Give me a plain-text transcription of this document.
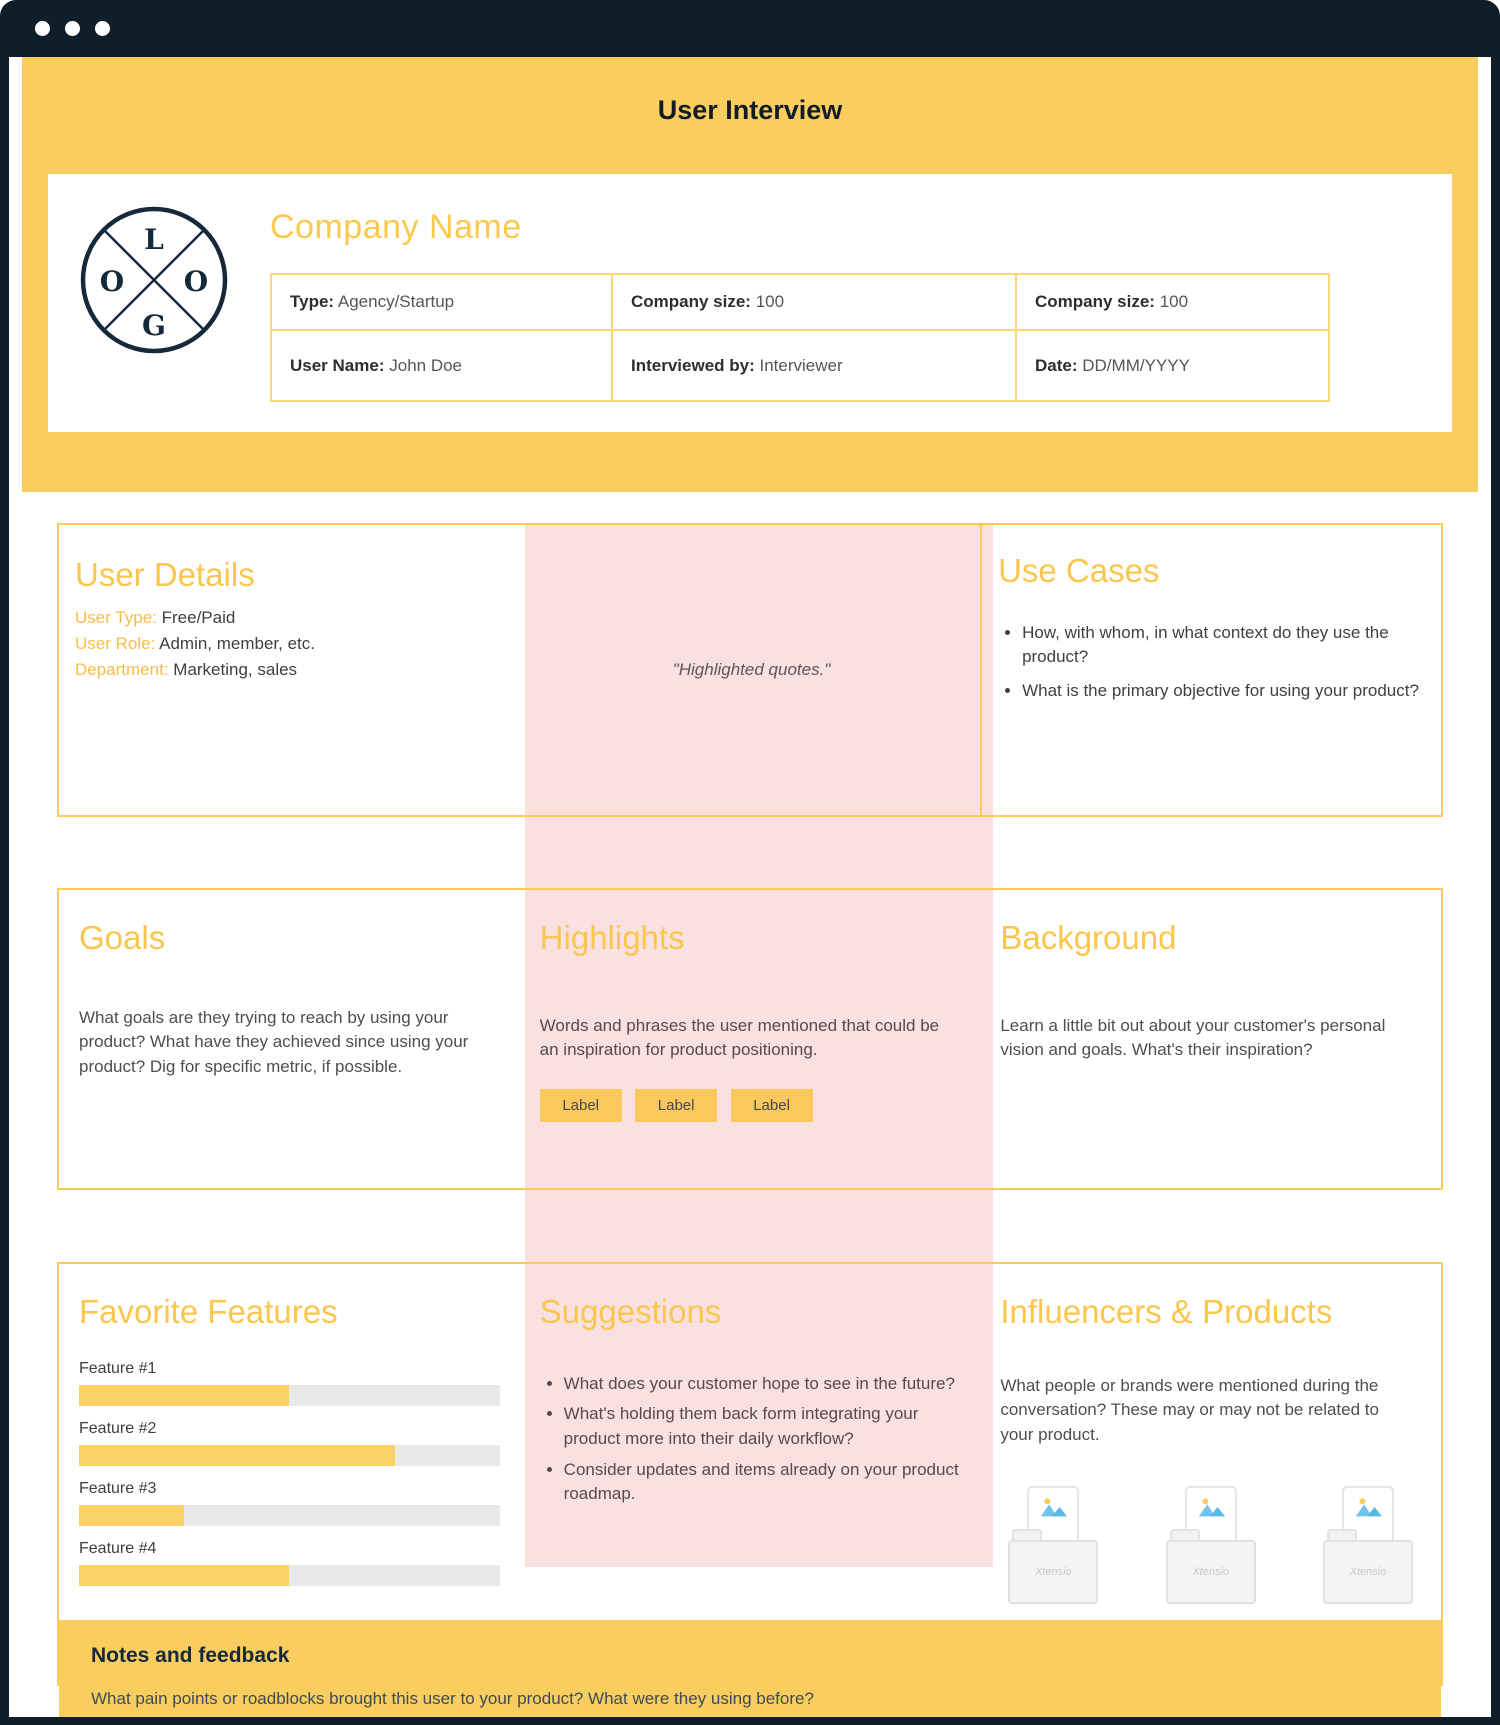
User Interview
L
O O
G
Company Name
Type: Agency/Startup	Company size: 100	Company size: 100
User Name: John Doe	Interviewed by: Interviewer	Date: DD/MM/YYYY
User Details
User Type: Free/Paid
User Role: Admin, member, etc.
Department: Marketing, sales	"Highlighted quotes."
Use Cases
• How, with whom, in what context do they use the product?
• What is the primary objective for using your product?
Goals

What goals are they trying to reach by using your product? What have they achieved since using your product? Dig for specific metric, if possible.

Highlights

Words and phrases the user mentioned that could be an inspiration for product positioning.

Label	Label	Label
Background

Learn a little bit out about your customer's personal vision and goals. What's their inspiration?

Favorite Features
Feature #1
Feature #2
Feature #3
Feature #4
Suggestions
• What does your customer hope to see in the future?
• What's holding them back form integrating your product more into their daily workflow?
• Consider updates and items already on your product roadmap.
Influencers & Products

What people or brands were mentioned during the conversation? These may or may not be related to your product.

Xtensio	Xtensio	Xtensio
Notes and feedback

What pain points or roadblocks brought this user to your product? What were they using before?
